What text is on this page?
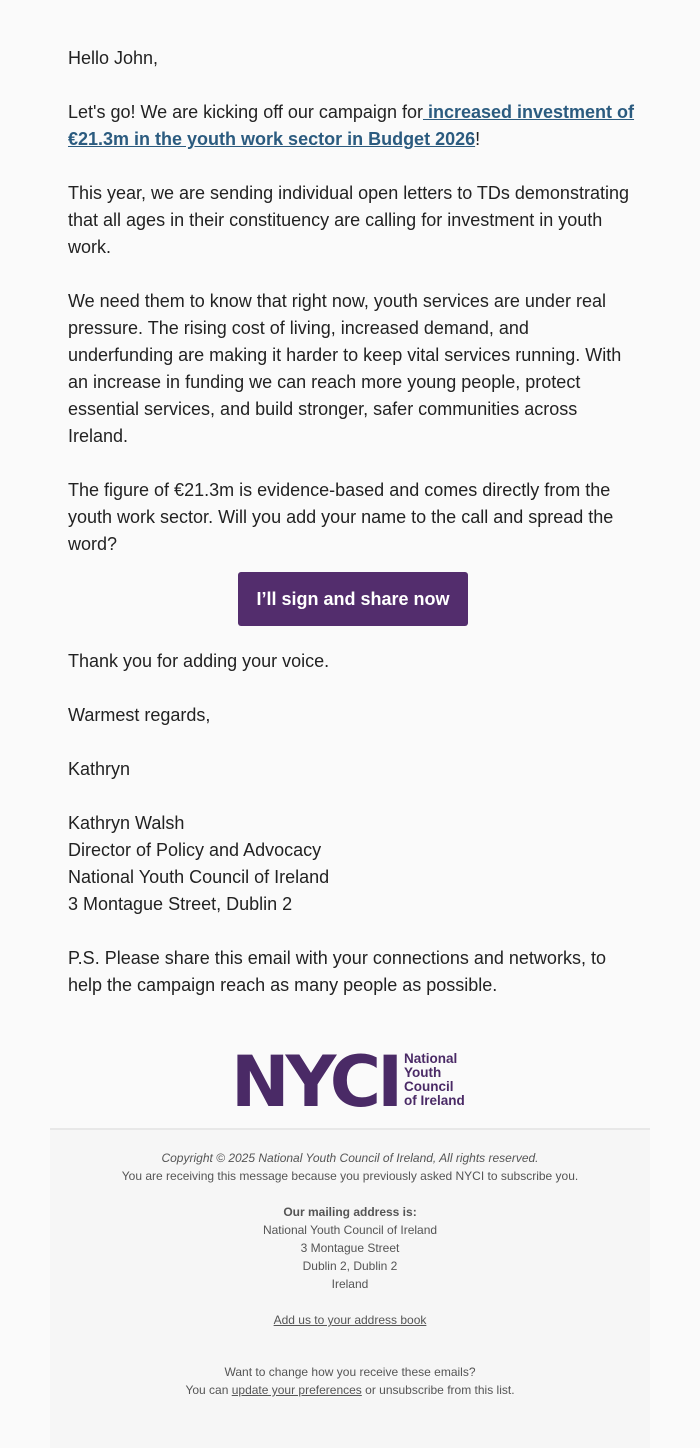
Hello John,

Let's go! We are kicking off our campaign for increased investment of €21.3m in the youth work sector in Budget 2026!

This year, we are sending individual open letters to TDs demonstrating that all ages in their constituency are calling for investment in youth work.

We need them to know that right now, youth services are under real pressure. The rising cost of living, increased demand, and underfunding are making it harder to keep vital services running. With an increase in funding we can reach more young people, protect essential services, and build stronger, safer communities across Ireland.

The figure of €21.3m is evidence-based and comes directly from the youth work sector. Will you add your name to the call and spread the word?

I’ll sign and share now

Thank you for adding your voice.

Warmest regards,

Kathryn

Kathryn Walsh
Director of Policy and Advocacy
National Youth Council of Ireland
3 Montague Street, Dublin 2

P.S. Please share this email with your connections and networks, to help the campaign reach as many people as possible.

NYCI National
Youth
Council
of Ireland
Copyright © 2025 National Youth Council of Ireland, All rights reserved.
You are receiving this message because you previously asked NYCI to subscribe you.
Our mailing address is:
National Youth Council of Ireland
3 Montague Street
Dublin 2, Dublin 2
Ireland
Add us to your address book
Want to change how you receive these emails?
You can update your preferences or unsubscribe from this list.
